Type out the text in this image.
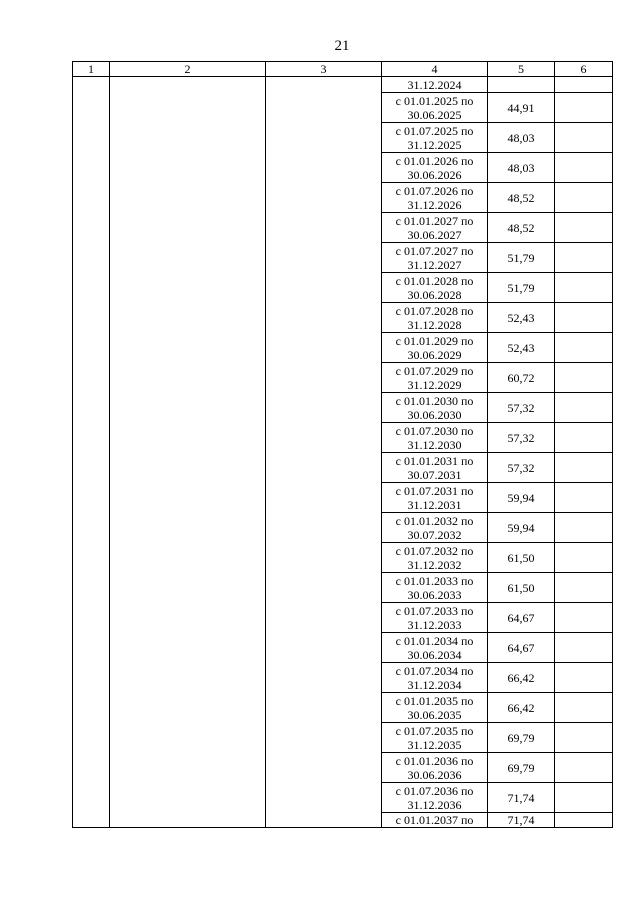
21
1	2	3	4	5	6
			31.12.2024		
			с 01.01.2025 по
30.06.2025	44,91	
			с 01.07.2025 по
31.12.2025	48,03	
			с 01.01.2026 по
30.06.2026	48,03	
			с 01.07.2026 по
31.12.2026	48,52	
			с 01.01.2027 по
30.06.2027	48,52	
			с 01.07.2027 по
31.12.2027	51,79	
			с 01.01.2028 по
30.06.2028	51,79	
			с 01.07.2028 по
31.12.2028	52,43	
			с 01.01.2029 по
30.06.2029	52,43	
			с 01.07.2029 по
31.12.2029	60,72	
			с 01.01.2030 по
30.06.2030	57,32	
			с 01.07.2030 по
31.12.2030	57,32	
			с 01.01.2031 по
30.07.2031	57,32	
			с 01.07.2031 по
31.12.2031	59,94	
			с 01.01.2032 по
30.07.2032	59,94	
			с 01.07.2032 по
31.12.2032	61,50	
			с 01.01.2033 по
30.06.2033	61,50	
			с 01.07.2033 по
31.12.2033	64,67	
			с 01.01.2034 по
30.06.2034	64,67	
			с 01.07.2034 по
31.12.2034	66,42	
			с 01.01.2035 по
30.06.2035	66,42	
			с 01.07.2035 по
31.12.2035	69,79	
			с 01.01.2036 по
30.06.2036	69,79	
			с 01.07.2036 по
31.12.2036	71,74	
			с 01.01.2037 по	71,74	
